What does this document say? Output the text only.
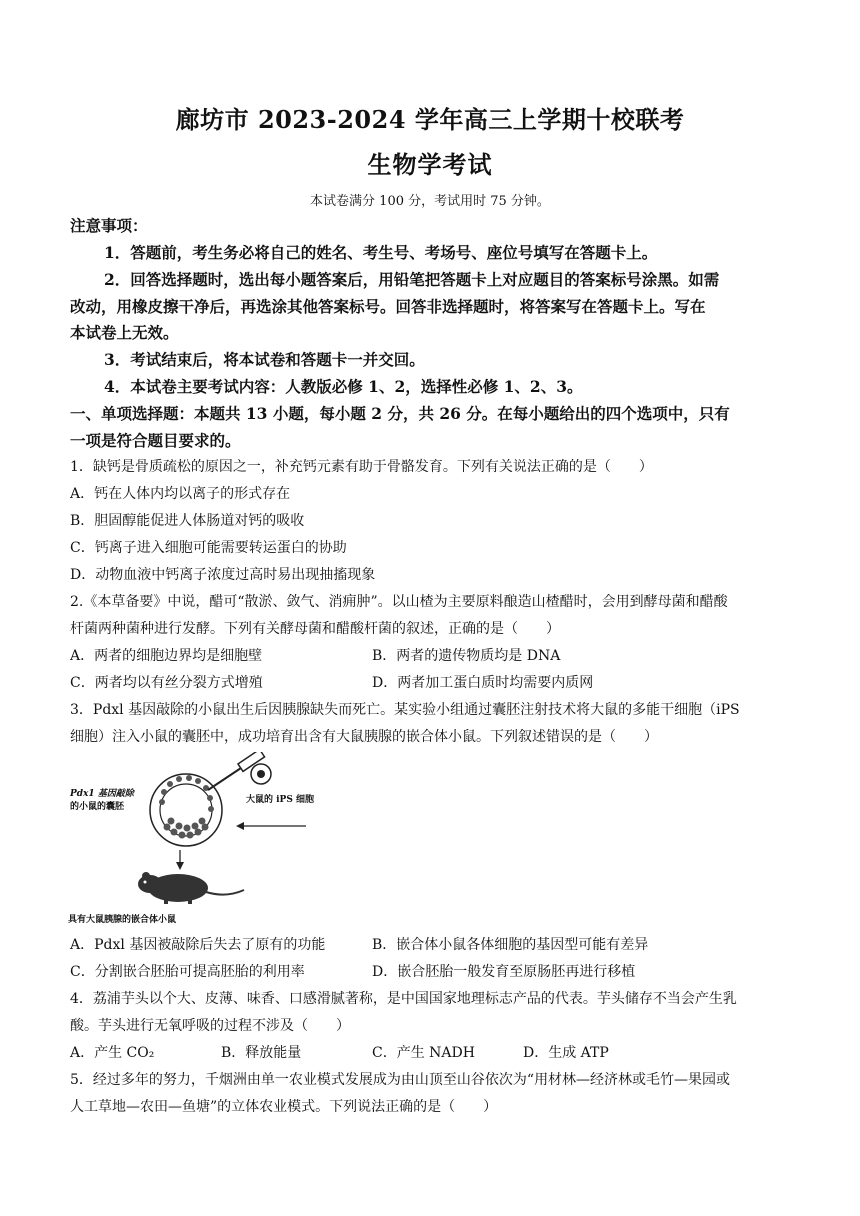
廊坊市 2023-2024 学年高三上学期十校联考
生物学考试
本试卷满分 100 分，考试用时 75 分钟。
注意事项：
1．答题前，考生务必将自己的姓名、考生号、考场号、座位号填写在答题卡上。
2．回答选择题时，选出每小题答案后，用铅笔把答题卡上对应题目的答案标号涂黑。如需
改动，用橡皮擦干净后，再选涂其他答案标号。回答非选择题时，将答案写在答题卡上。写在
本试卷上无效。
3．考试结束后，将本试卷和答题卡一并交回。
4．本试卷主要考试内容：人教版必修 1、2，选择性必修 1、2、3。
一、单项选择题：本题共 13 小题，每小题 2 分，共 26 分。在每小题给出的四个选项中，只有
一项是符合题目要求的。
1．缺钙是骨质疏松的原因之一，补充钙元素有助于骨骼发育。下列有关说法正确的是（　　）
A．钙在人体内均以离子的形式存在
B．胆固醇能促进人体肠道对钙的吸收
C．钙离子进入细胞可能需要转运蛋白的协助
D．动物血液中钙离子浓度过高时易出现抽搐现象
2.《本草备要》中说，醋可“散淤、敛气、消痈肿”。以山楂为主要原料酿造山楂醋时，会用到酵母菌和醋酸
杆菌两种菌种进行发酵。下列有关酵母菌和醋酸杆菌的叙述，正确的是（　　）
A．两者的细胞边界均是细胞壁	B．两者的遗传物质均是 DNA
C．两者均以有丝分裂方式增殖	D．两者加工蛋白质时均需要内质网
3．Pdxl 基因敲除的小鼠出生后因胰腺缺失而死亡。某实验小组通过囊胚注射技术将大鼠的多能干细胞（iPS
细胞）注入小鼠的囊胚中，成功培育出含有大鼠胰腺的嵌合体小鼠。下列叙述错误的是（　　）
Pdx1 基因敲除
的小鼠的囊胚
大鼠的 iPS 细胞
具有大鼠胰腺的嵌合体小鼠
A．Pdxl 基因被敲除后失去了原有的功能	B．嵌合体小鼠各体细胞的基因型可能有差异
C．分割嵌合胚胎可提高胚胎的利用率	D．嵌合胚胎一般发育至原肠胚再进行移植
4．荔浦芋头以个大、皮薄、味香、口感滑腻著称，是中国国家地理标志产品的代表。芋头储存不当会产生乳
酸。芋头进行无氧呼吸的过程不涉及（　　）
A．产生 CO₂	B．释放能量	C．产生 NADH	D．生成 ATP
5．经过多年的努力，千烟洲由单一农业模式发展成为由山顶至山谷依次为“用材林—经济林或毛竹—果园或
人工草地—农田—鱼塘”的立体农业模式。下列说法正确的是（　　）
